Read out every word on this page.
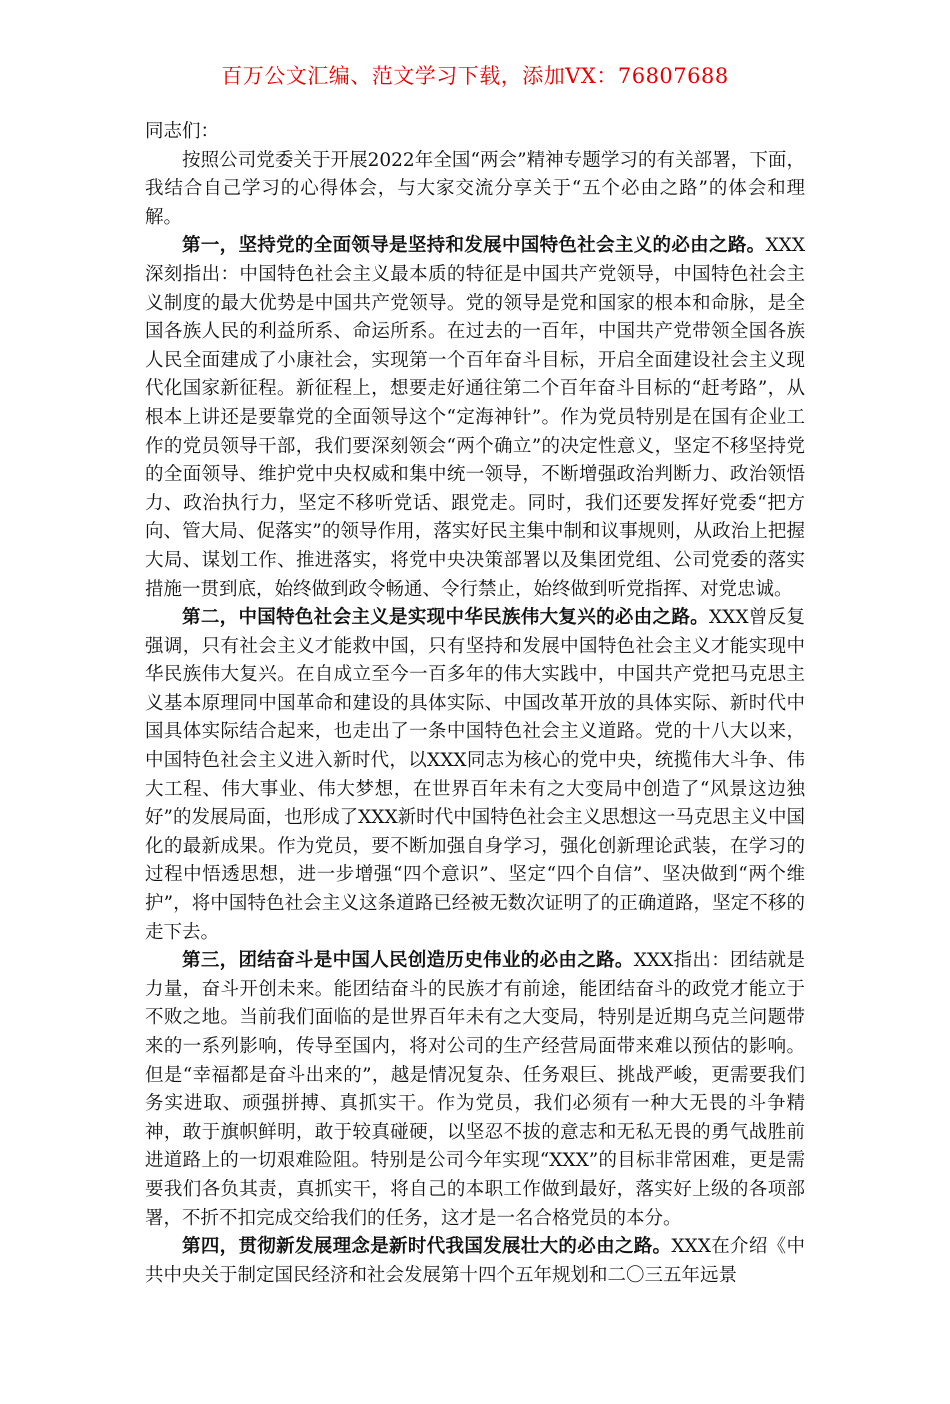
百万公文汇编、范文学习下载，添加VX：76807688

同志们：

按照公司党委关于开展2022年全国“两会”精神专题学习的有关部署，下面，我结合自己学习的心得体会，与大家交流分享关于“五个必由之路”的体会和理解。

第一，坚持党的全面领导是坚持和发展中国特色社会主义的必由之路。XXX深刻指出：中国特色社会主义最本质的特征是中国共产党领导，中国特色社会主义制度的最大优势是中国共产党领导。党的领导是党和国家的根本和命脉，是全国各族人民的利益所系、命运所系。在过去的一百年，中国共产党带领全国各族人民全面建成了小康社会，实现第一个百年奋斗目标，开启全面建设社会主义现代化国家新征程。新征程上，想要走好通往第二个百年奋斗目标的“赶考路”，从根本上讲还是要靠党的全面领导这个“定海神针”。作为党员特别是在国有企业工作的党员领导干部，我们要深刻领会“两个确立”的决定性意义，坚定不移坚持党的全面领导、维护党中央权威和集中统一领导，不断增强政治判断力、政治领悟力、政治执行力，坚定不移听党话、跟党走。同时，我们还要发挥好党委“把方向、管大局、促落实”的领导作用，落实好民主集中制和议事规则，从政治上把握大局、谋划工作、推进落实，将党中央决策部署以及集团党组、公司党委的落实措施一贯到底，始终做到政令畅通、令行禁止，始终做到听党指挥、对党忠诚。

第二，中国特色社会主义是实现中华民族伟大复兴的必由之路。XXX曾反复强调，只有社会主义才能救中国，只有坚持和发展中国特色社会主义才能实现中华民族伟大复兴。在自成立至今一百多年的伟大实践中，中国共产党把马克思主义基本原理同中国革命和建设的具体实际、中国改革开放的具体实际、新时代中国具体实际结合起来，也走出了一条中国特色社会主义道路。党的十八大以来，中国特色社会主义进入新时代，以XXX同志为核心的党中央，统揽伟大斗争、伟大工程、伟大事业、伟大梦想，在世界百年未有之大变局中创造了“风景这边独好”的发展局面，也形成了XXX新时代中国特色社会主义思想这一马克思主义中国化的最新成果。作为党员，要不断加强自身学习，强化创新理论武装，在学习的过程中悟透思想，进一步增强“四个意识”、坚定“四个自信”、坚决做到“两个维护”，将中国特色社会主义这条道路已经被无数次证明了的正确道路，坚定不移的走下去。

第三，团结奋斗是中国人民创造历史伟业的必由之路。XXX指出：团结就是力量，奋斗开创未来。能团结奋斗的民族才有前途，能团结奋斗的政党才能立于不败之地。当前我们面临的是世界百年未有之大变局，特别是近期乌克兰问题带来的一系列影响，传导至国内，将对公司的生产经营局面带来难以预估的影响。但是“幸福都是奋斗出来的”，越是情况复杂、任务艰巨、挑战严峻，更需要我们务实进取、顽强拼搏、真抓实干。作为党员，我们必须有一种大无畏的斗争精神，敢于旗帜鲜明，敢于较真碰硬，以坚忍不拔的意志和无私无畏的勇气战胜前进道路上的一切艰难险阻。特别是公司今年实现“XXX”的目标非常困难，更是需要我们各负其责，真抓实干，将自己的本职工作做到最好，落实好上级的各项部署，不折不扣完成交给我们的任务，这才是一名合格党员的本分。

第四，贯彻新发展理念是新时代我国发展壮大的必由之路。XXX在介绍《中共中央关于制定国民经济和社会发展第十四个五年规划和二〇三五年远景
